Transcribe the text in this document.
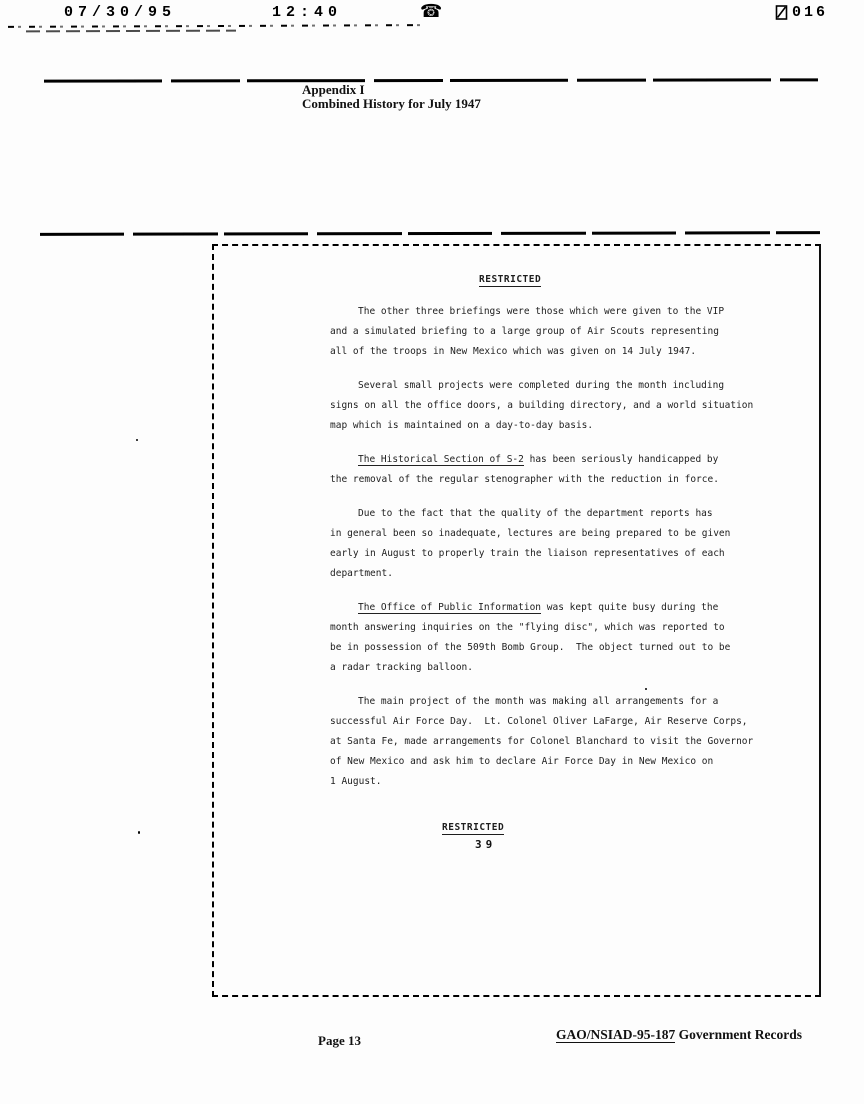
07/30/95	12:40	☎	016
Appendix I
Combined History for July 1947
RESTRICTED

The other three briefings were those which were given to the VIP
and a simulated briefing to a large group of Air Scouts representing
all of the troops in New Mexico which was given on 14 July 1947.

Several small projects were completed during the month including
signs on all the office doors, a building directory, and a world situation
map which is maintained on a day-to-day basis.

The Historical Section of S-2 has been seriously handicapped by
the removal of the regular stenographer with the reduction in force.

Due to the fact that the quality of the department reports has
in general been so inadequate, lectures are being prepared to be given
early in August to properly train the liaison representatives of each
department.

The Office of Public Information was kept quite busy during the
month answering inquiries on the "flying disc", which was reported to
be in possession of the 509th Bomb Group.  The object turned out to be
a radar tracking balloon.

The main project of the month was making all arrangements for a
successful Air Force Day.  Lt. Colonel Oliver LaFarge, Air Reserve Corps,
at Santa Fe, made arrangements for Colonel Blanchard to visit the Governor
of New Mexico and ask him to declare Air Force Day in New Mexico on
1 August.

RESTRICTED
39
Page 13	GAO/NSIAD-95-187 Government Records
